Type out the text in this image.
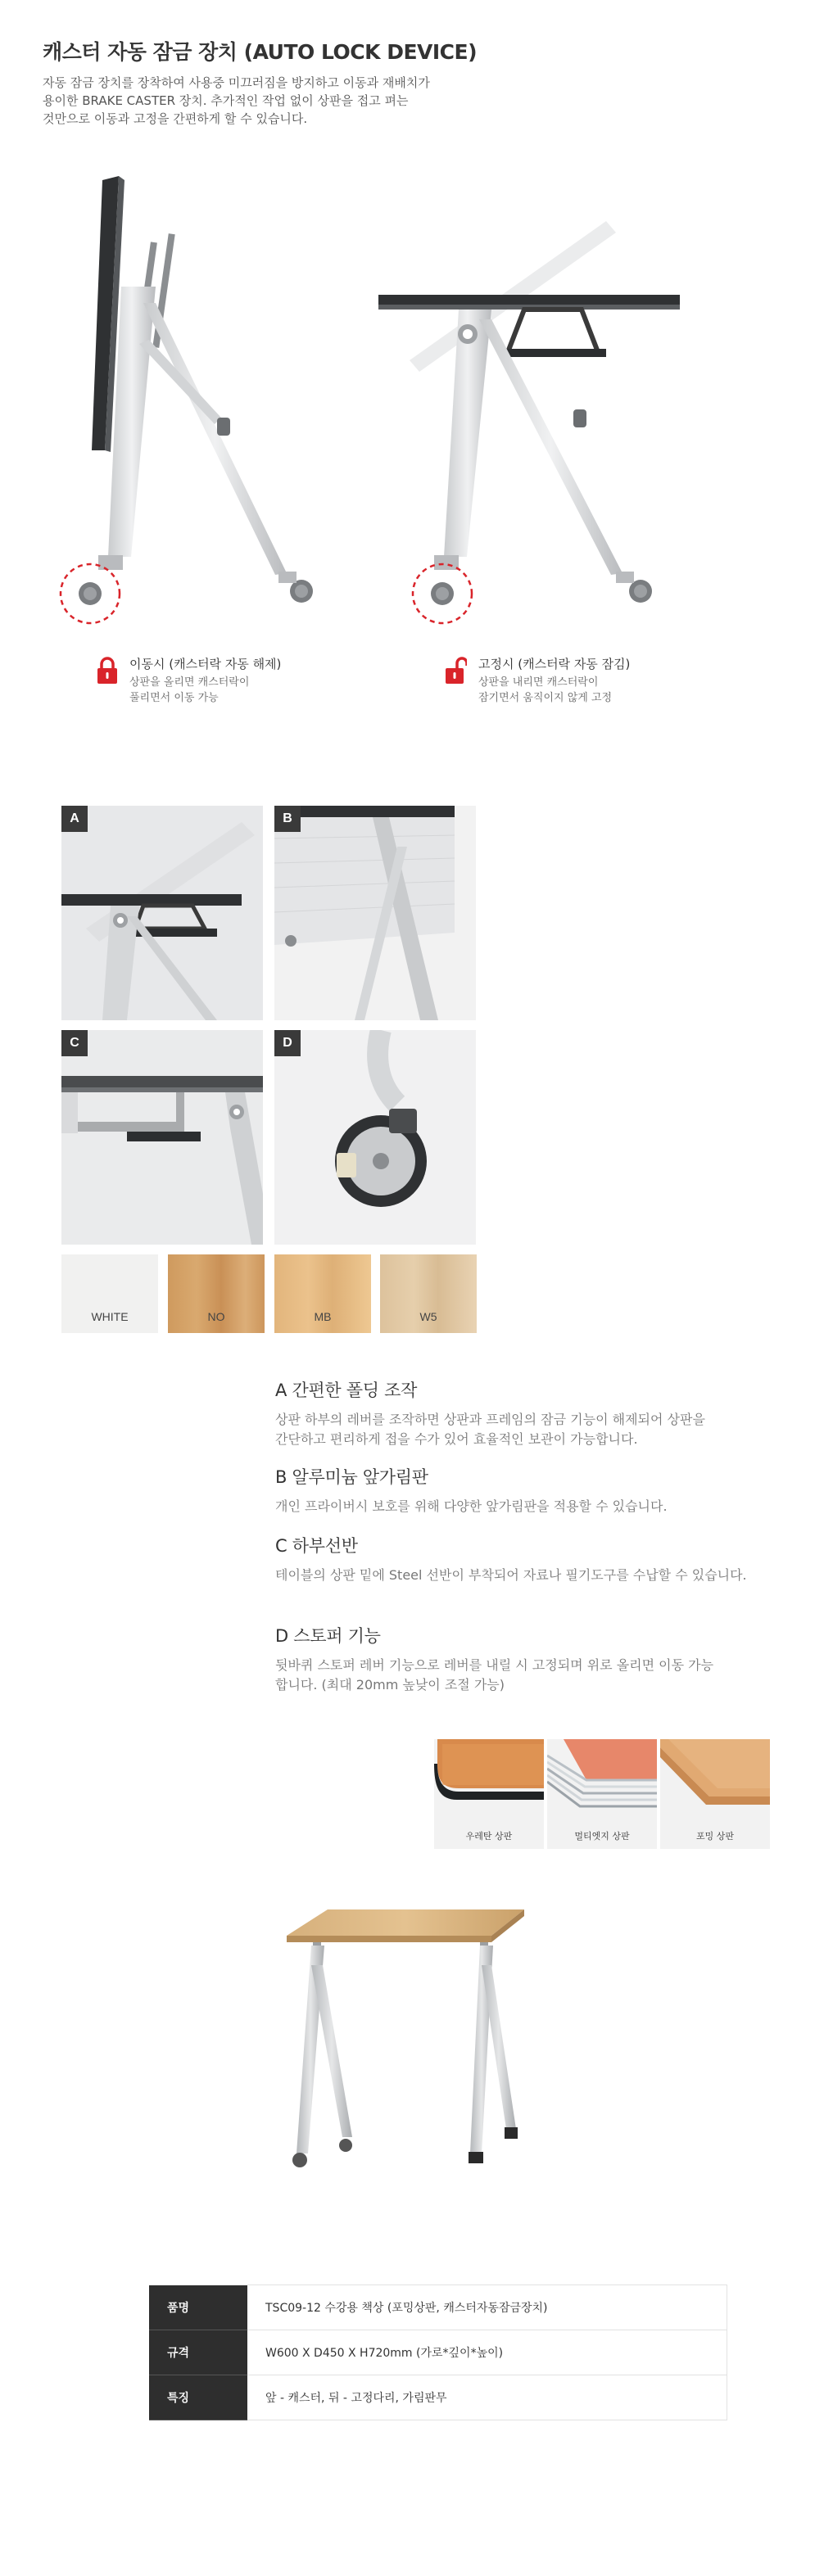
캐스터 자동 잠금 장치 (AUTO LOCK DEVICE)

자동 잠금 장치를 장착하여 사용중 미끄러짐을 방지하고 이동과 재배치가

용이한 BRAKE CASTER 장치. 추가적인 작업 없이 상판을 접고 펴는

것만으로 이동과 고정을 간편하게 할 수 있습니다.

이동시 (캐스터락 자동 해제)
상판을 올리면 캐스터락이
풀리면서 이동 가능
고정시 (캐스터락 자동 잠김)
상판을 내리면 캐스터락이
잠기면서 움직이지 않게 고정
A	B
C	D
WHITE	NO	MB	W5
A 간편한 폴딩 조작

상판 하부의 레버를 조작하면 상판과 프레임의 잠금 기능이 해제되어 상판을

간단하고 편리하게 접을 수가 있어 효율적인 보관이 가능합니다.

B 알루미늄 앞가림판

개인 프라이버시 보호를 위해 다양한 앞가림판을 적용할 수 있습니다.

C 하부선반

테이블의 상판 밑에 Steel 선반이 부착되어 자료나 필기도구를 수납할 수 있습니다.

D 스토퍼 기능

뒷바퀴 스토퍼 레버 기능으로 레버를 내릴 시 고정되며 위로 올리면 이동 가능

합니다. (최대 20mm 높낮이 조절 가능)

우레탄 상판	멀티엣지 상판	포밍 상판
품명	TSC09-12 수강용 책상 (포밍상판, 캐스터자동잠금장치)
규격	W600 X D450 X H720mm (가로*깊이*높이)
특징	앞 - 캐스터, 뒤 - 고정다리, 가림판무
